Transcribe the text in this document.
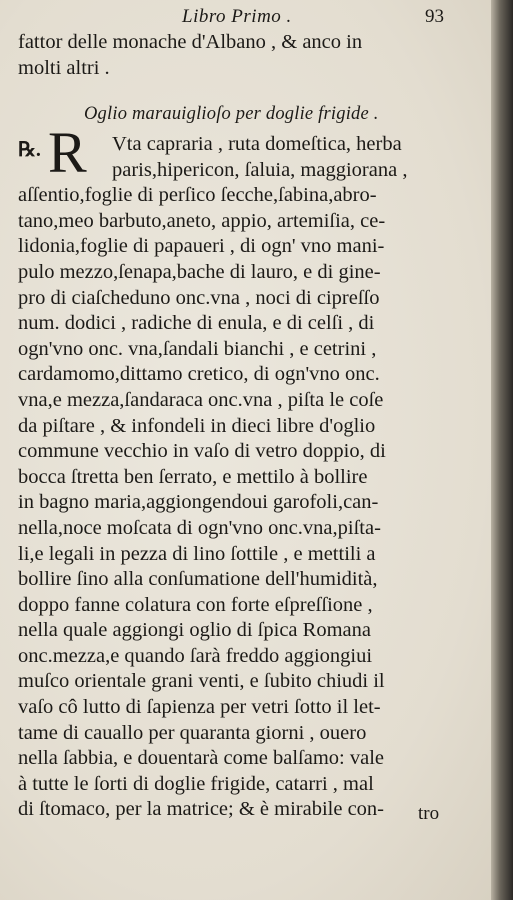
Libro Primo .	93
fattor delle monache d'Albano , & anco in
molti altri .
Oglio marauiglioſo per doglie frigide .
℞. R	Vta capraria , ruta domeſtica, herba
paris,hipericon, ſaluia, maggiorana ,
aſſentio,foglie di perſico ſecche,ſabina,abro-
tano,meo barbuto,aneto, appio, artemiſia, ce-
lidonia,foglie di papaueri , di ogn' vno mani-
pulo mezzo,ſenapa,bache di lauro, e di gine-
pro di ciaſcheduno onc.vna , noci di cipreſſo
num. dodici , radiche di enula, e di celſi , di
ogn'vno onc. vna,ſandali bianchi , e cetrini ,
cardamomo,dittamo cretico, di ogn'vno onc.
vna,e mezza,ſandaraca onc.vna , piſta le coſe
da piſtare , & infondeli in dieci libre d'oglio
commune vecchio in vaſo di vetro doppio, di
bocca ſtretta ben ſerrato, e mettilo à bollire
in bagno maria,aggiongendoui garofoli,can-
nella,noce moſcata di ogn'vno onc.vna,piſta-
li,e legali in pezza di lino ſottile , e mettili a
bollire ſino alla conſumatione dell'humidità,
doppo fanne colatura con forte eſpreſſione ,
nella quale aggiongi oglio di ſpica Romana
onc.mezza,e quando ſarà freddo aggiongiui
muſco orientale grani venti, e ſubito chiudi il
vaſo cô lutto di ſapienza per vetri ſotto il let-
tame di cauallo per quaranta giorni , ouero
nella ſabbia, e douentarà come balſamo: vale
à tutte le ſorti di doglie frigide, catarri , mal
di ſtomaco, per la matrice; & è mirabile con-	tro
